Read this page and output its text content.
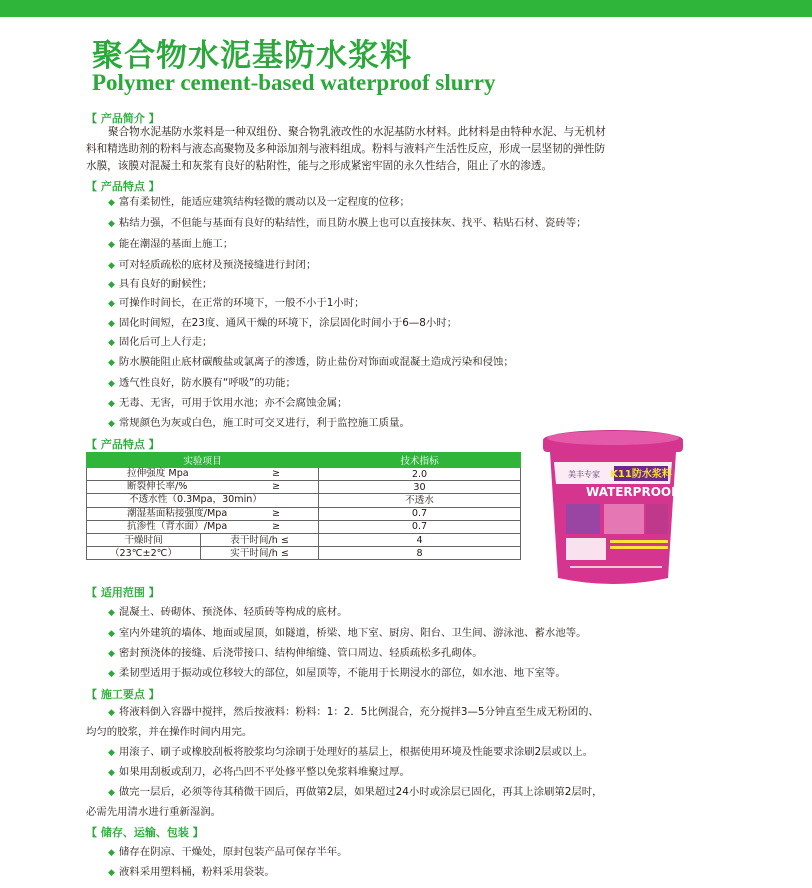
聚合物水泥基防水浆料
Polymer cement-based waterproof slurry
【 产品简介 】
聚合物水泥基防水浆料是一种双组份、聚合物乳液改性的水泥基防水材料。此材料是由特种水泥、与无机材
料和精选助剂的粉料与液态高聚物及多种添加剂与液料组成。粉料与液料产生活性反应，形成一层坚韧的弹性防
水膜，该膜对混凝土和灰浆有良好的粘附性，能与之形成紧密牢固的永久性结合，阻止了水的渗透。
【 产品特点 】
◆ 富有柔韧性，能适应建筑结构轻微的震动以及一定程度的位移；
◆ 粘结力强，不但能与基面有良好的粘结性，而且防水膜上也可以直接抹灰、找平、粘贴石材、瓷砖等；
◆ 能在潮湿的基面上施工；
◆ 可对轻质疏松的底材及预浇接缝进行封闭；
◆ 具有良好的耐候性；
◆ 可操作时间长，在正常的环境下，一般不小于1小时；
◆ 固化时间短，在23度、通风干燥的环境下，涂层固化时间小于6—8小时；
◆ 固化后可上人行走；
◆ 防水膜能阻止底材碳酸盐或氯离子的渗透，防止盐份对饰面或混凝土造成污染和侵蚀；
◆ 透气性良好，防水膜有“呼吸”的功能；
◆ 无毒、无害，可用于饮用水池；亦不会腐蚀金属；
◆ 常规颜色为灰或白色，施工时可交叉进行，利于监控施工质量。
【 产品特点 】
实验项目		技术指标

拉伸强度 Mpa ≥		2.0

断裂伸长率/% ≥		30

不透水性（0.3Mpa，30min）		不透水

潮湿基面粘接强度/Mpa ≥		0.7

抗渗性（背水面）/Mpa ≥		0.7
干燥时间	表干时间/h ≤	4
（23℃±2℃）	实干时间/h ≤	8
K11防水浆料
美丰专家
WATERPROOF
【 适用范围 】
◆ 混凝土、砖砌体、预浇体、轻质砖等构成的底材。
◆ 室内外建筑的墙体、地面或屋顶，如隧道，桥梁、地下室、厨房、阳台、卫生间、游泳池、蓄水池等。
◆ 密封预浇体的接缝、后浇带接口、结构伸缩缝、管口周边、轻质疏松多孔砌体。
◆ 柔韧型适用于振动或位移较大的部位，如屋顶等，不能用于长期浸水的部位，如水池、地下室等。
【 施工要点 】
◆ 将液料倒入容器中搅拌，然后按液料：粉料：1：2．5比例混合，充分搅拌3—5分钟直至生成无粉团的、
均匀的胶浆，并在操作时间内用完。
◆ 用滚子、刷子或橡胶刮板将胶浆均匀涂刷于处理好的基层上，根据使用环境及性能要求涂刷2层或以上。
◆ 如果用刮板或刮刀，必将凸凹不平处修平整以免浆料堆聚过厚。
◆ 做完一层后，必须等待其稍微干固后，再做第2层，如果超过24小时或涂层已固化，再其上涂刷第2层时，
必需先用清水进行重新湿润。
【 储存、运输、包装 】
◆ 储存在阴凉、干燥处，原封包装产品可保存半年。
◆ 液料采用塑料桶，粉料采用袋装。
